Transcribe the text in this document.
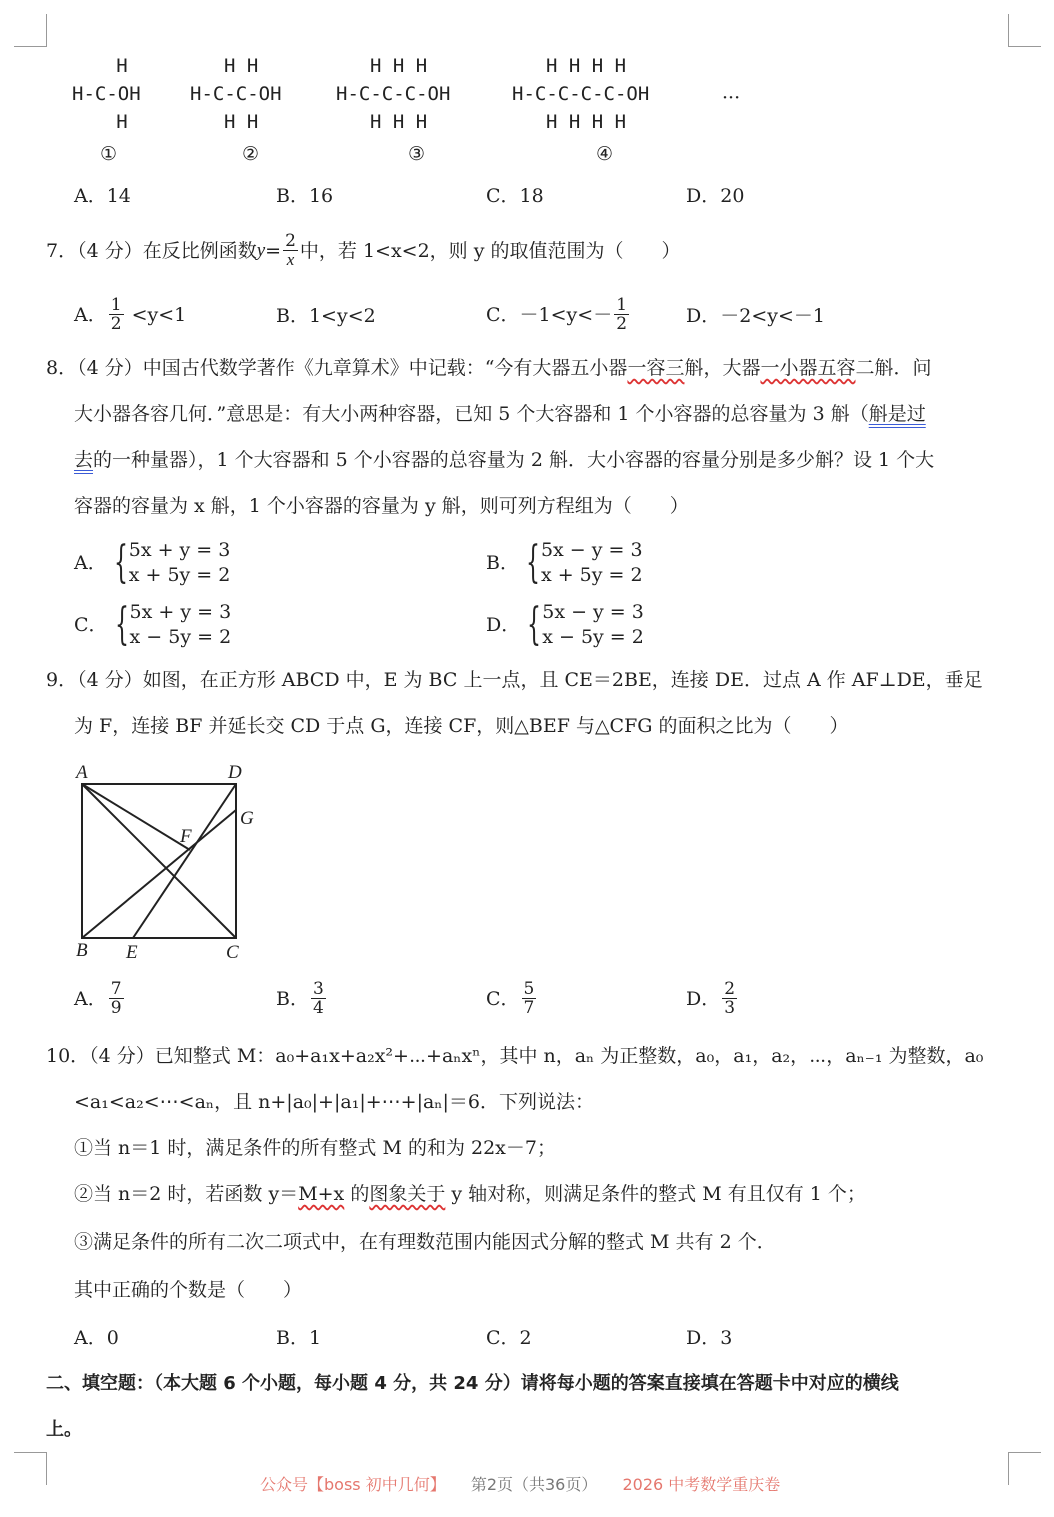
H
H-C-OH
H
①
H H
H-C-C-OH
H H
②
H H H
H-C-C-C-OH
H H H
③
H H H H
H-C-C-C-C-OH
H H H H
④
···
A．14	B．16	C．18	D．20
7．（4 分）在反比例函数 $y = \frac{2}{x}$ 中，若 1<x<2，则 y 的取值范围为（　　）
A． $\frac{1}{2} <y<1$	B．1<y<2	C． $-1<y<- \frac{1}{2}$	D．－2<y<－1
8．（4 分）中国古代数学著作《九章算术》中记载：“今有大器五小器一容三斛，大器一小器五容二斛．问
大小器各容几何．”意思是：有大小两种容器，已知 5 个大容器和 1 个小容器的总容量为 3 斛（斛是过
去的一种量器），1 个大容器和 5 个小容器的总容量为 2 斛．大小容器的容量分别是多少斛？设 1 个大
容器的容量为 x 斛，1 个小容器的容量为 y 斛，则可列方程组为（　　）
A． { 5x + y = 3
x + 5y = 2
B． { 5x − y = 3
x + 5y = 2
C． { 5x + y = 3
x − 5y = 2
D． { 5x − y = 3
x − 5y = 2
9．（4 分）如图，在正方形 ABCD 中，E 为 BC 上一点，且 CE＝2BE，连接 DE．过点 A 作 AF⊥DE，垂足
为 F，连接 BF 并延长交 CD 于点 G，连接 CF，则△BEF 与△CFG 的面积之比为（　　）
A	D
G
F
B E	C
A． $\frac{7}{9}$	B． $\frac{3}{4}$	C． $\frac{5}{7}$	D． $\frac{2}{3}$
10．（4 分）已知整式 M：a₀+a₁x+a₂x²+⋯+aₙxⁿ，其中 n，aₙ 为正整数，a₀，a₁，a₂，⋯，aₙ₋₁ 为整数，a₀
<a₁<a₂<⋯<aₙ，且 n+|a₀|+|a₁|+⋯+|aₙ|＝6．下列说法：
①当 n＝1 时，满足条件的所有整式 M 的和为 22x－7；
②当 n＝2 时，若函数 y＝M+x 的图象关于 y 轴对称，则满足条件的整式 M 有且仅有 1 个；
③满足条件的所有二次二项式中，在有理数范围内能因式分解的整式 M 共有 2 个．
其中正确的个数是（　　）
A．0	B．1	C．2	D．3
二、填空题：（本大题 6 个小题，每小题 4 分，共 24 分）请将每小题的答案直接填在答题卡中对应的横线
上。
公众号【boss 初中几何】 第2页（共36页） 2026 中考数学重庆卷
